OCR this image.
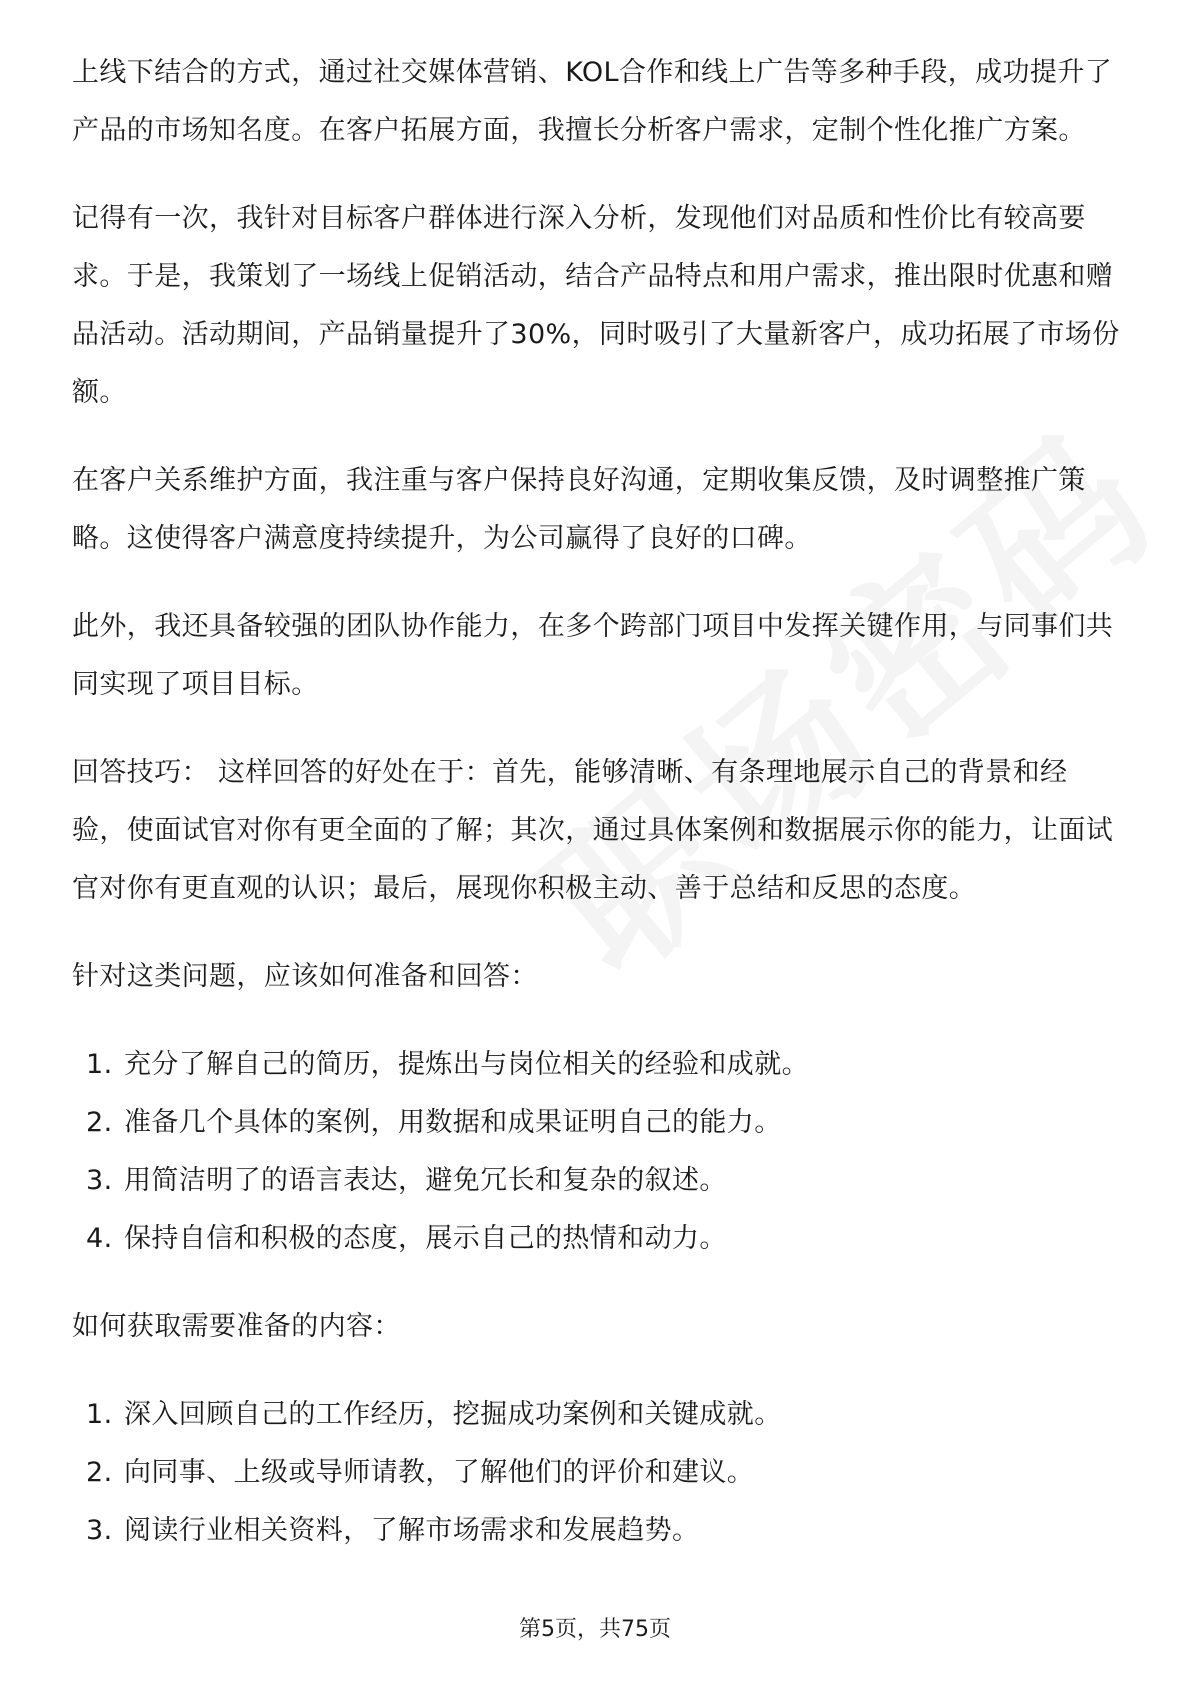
上线下结合的方式，通过社交媒体营销、KOL合作和线上广告等多种手段，成功提升了产品的市场知名度。在客户拓展方面，我擅长分析客户需求，定制个性化推广方案。

记得有一次，我针对目标客户群体进行深入分析，发现他们对品质和性价比有较高要求。于是，我策划了一场线上促销活动，结合产品特点和用户需求，推出限时优惠和赠品活动。活动期间，产品销量提升了30%，同时吸引了大量新客户，成功拓展了市场份额。

在客户关系维护方面，我注重与客户保持良好沟通，定期收集反馈，及时调整推广策略。这使得客户满意度持续提升，为公司赢得了良好的口碑。

此外，我还具备较强的团队协作能力，在多个跨部门项目中发挥关键作用，与同事们共同实现了项目目标。

回答技巧： 这样回答的好处在于：首先，能够清晰、有条理地展示自己的背景和经验，使面试官对你有更全面的了解；其次，通过具体案例和数据展示你的能力，让面试官对你有更直观的认识；最后，展现你积极主动、善于总结和反思的态度。

针对这类问题，应该如何准备和回答：

1. 充分了解自己的简历，提炼出与岗位相关的经验和成就。
2. 准备几个具体的案例，用数据和成果证明自己的能力。
3. 用简洁明了的语言表达，避免冗长和复杂的叙述。
4. 保持自信和积极的态度，展示自己的热情和动力。

如何获取需要准备的内容：

1. 深入回顾自己的工作经历，挖掘成功案例和关键成就。
2. 向同事、上级或导师请教，了解他们的评价和建议。
3. 阅读行业相关资料，了解市场需求和发展趋势。
第5页，共75页
